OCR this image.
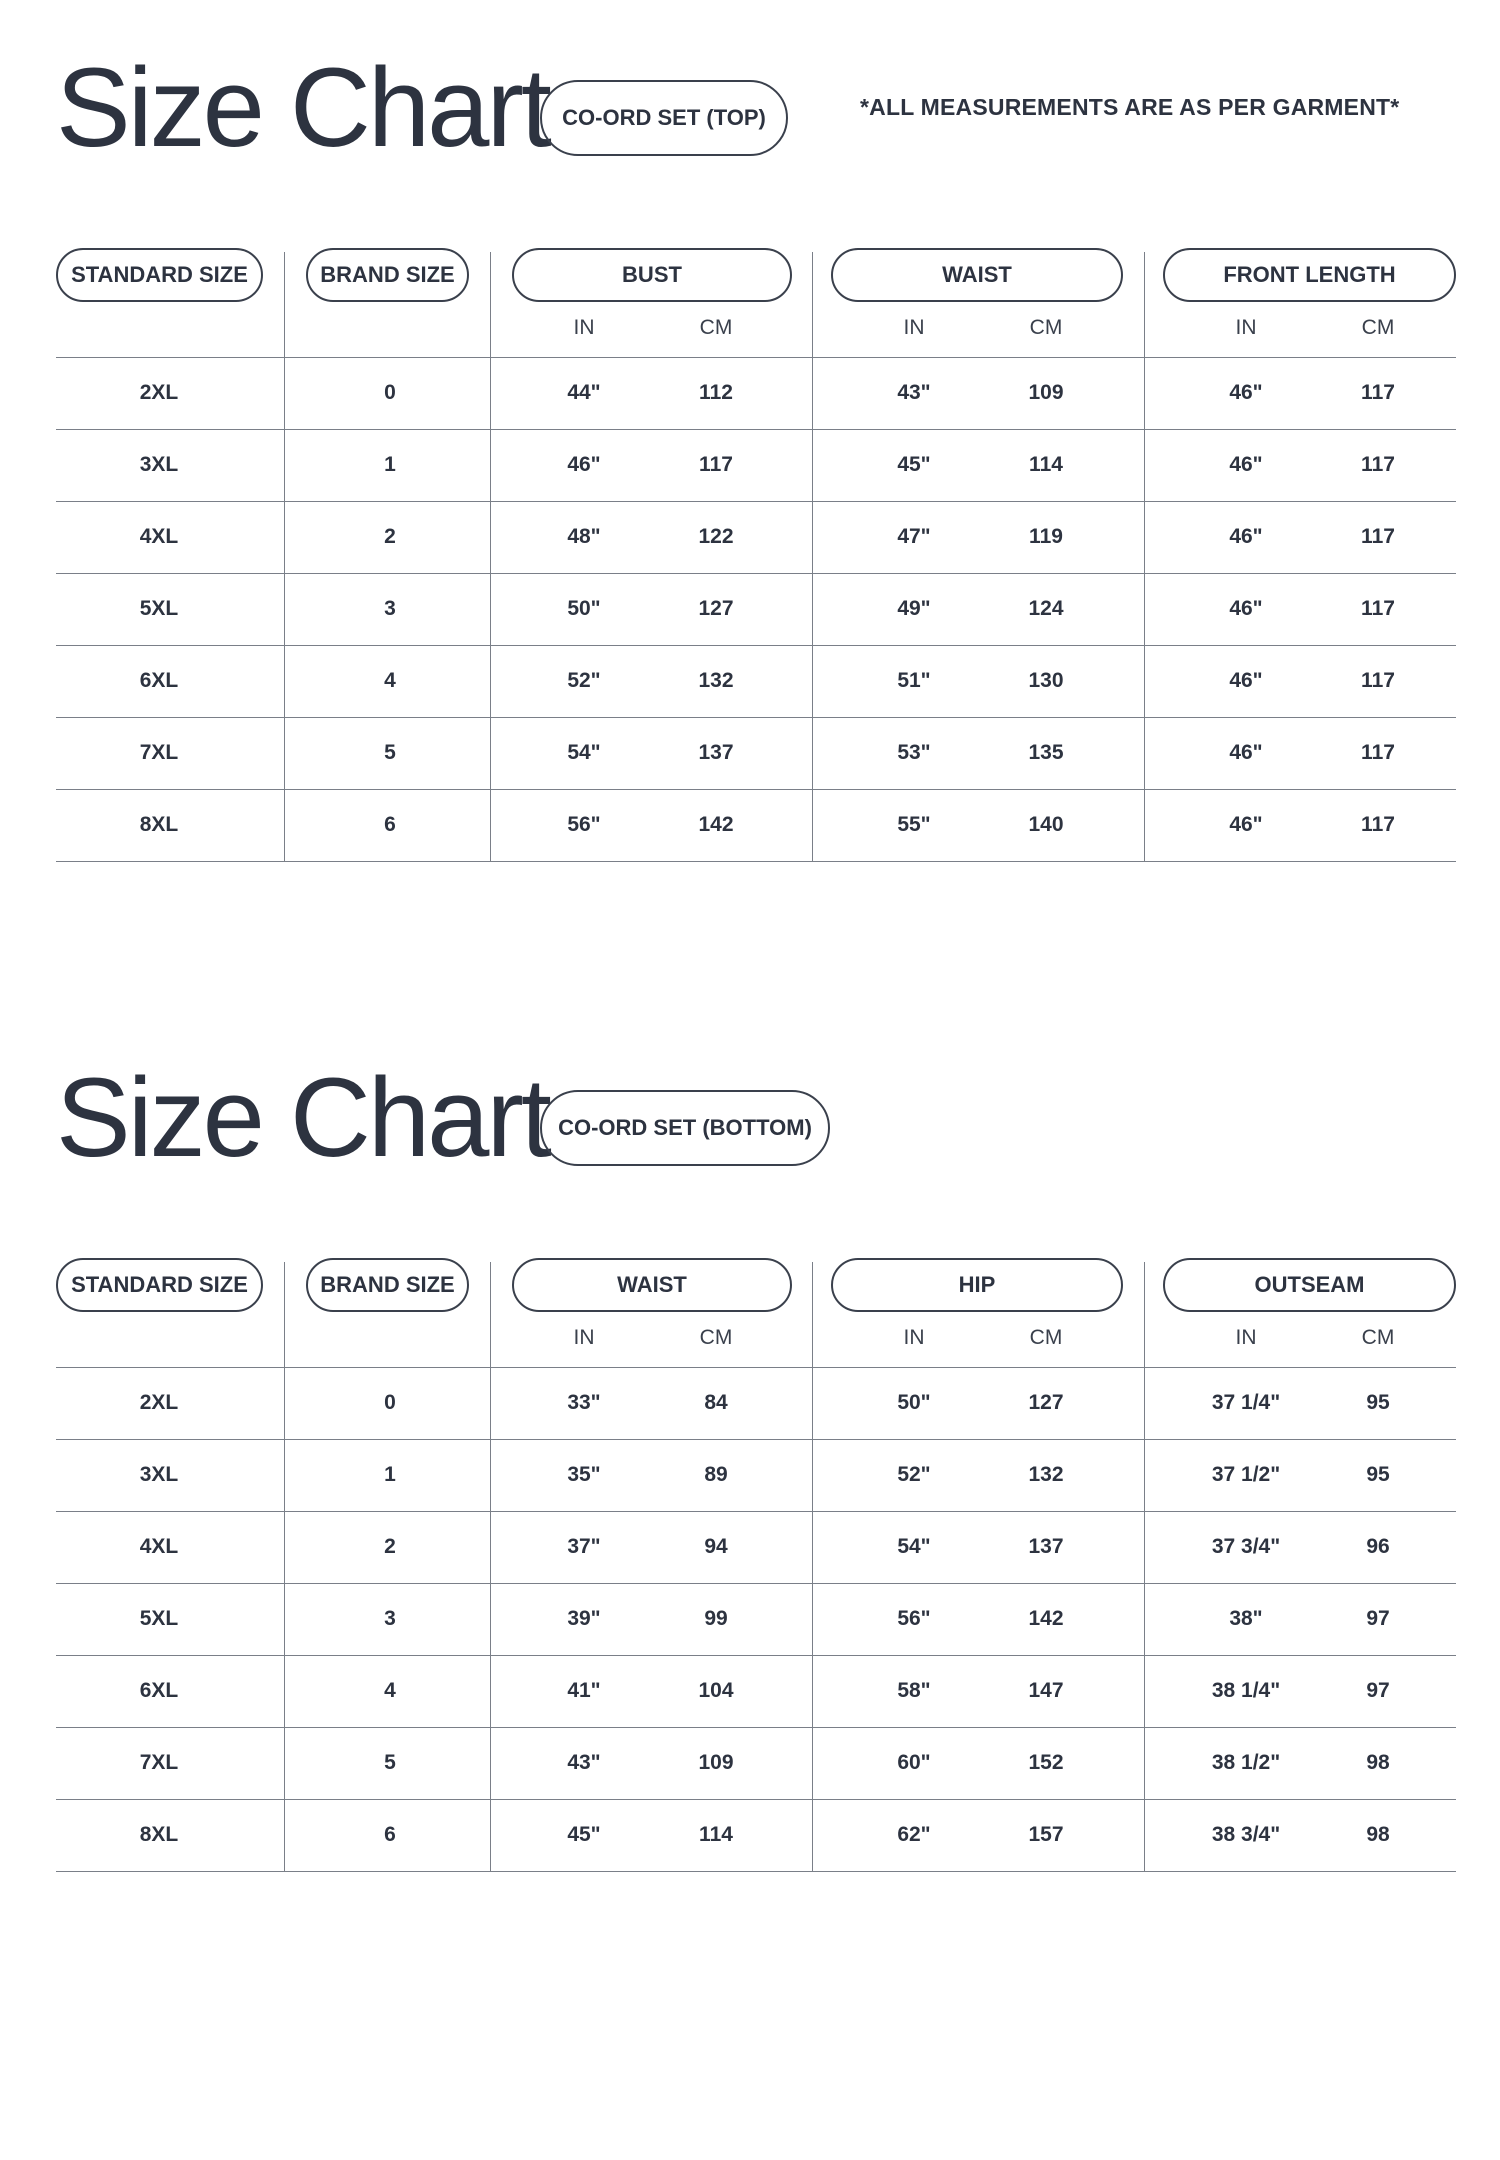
Size Chart CO-ORD SET (TOP)	*ALL MEASUREMENTS ARE AS PER GARMENT*
STANDARD SIZE	BRAND SIZE	BUST	WAIST	FRONT LENGTH
IN	CM	IN	CM	IN	CM
2XL	0	44"	112	43"	109	46"	117
3XL	1	46"	117	45"	114	46"	117
4XL	2	48"	122	47"	119	46"	117
5XL	3	50"	127	49"	124	46"	117
6XL	4	52"	132	51"	130	46"	117
7XL	5	54"	137	53"	135	46"	117
8XL	6	56"	142	55"	140	46"	117
Size Chart CO-ORD SET (BOTTOM)
STANDARD SIZE	BRAND SIZE	WAIST	HIP	OUTSEAM
IN	CM	IN	CM	IN	CM
2XL	0	33"	84	50"	127	37 1/4"	95
3XL	1	35"	89	52"	132	37 1/2"	95
4XL	2	37"	94	54"	137	37 3/4"	96
5XL	3	39"	99	56"	142	38"	97
6XL	4	41"	104	58"	147	38 1/4"	97
7XL	5	43"	109	60"	152	38 1/2"	98
8XL	6	45"	114	62"	157	38 3/4"	98
